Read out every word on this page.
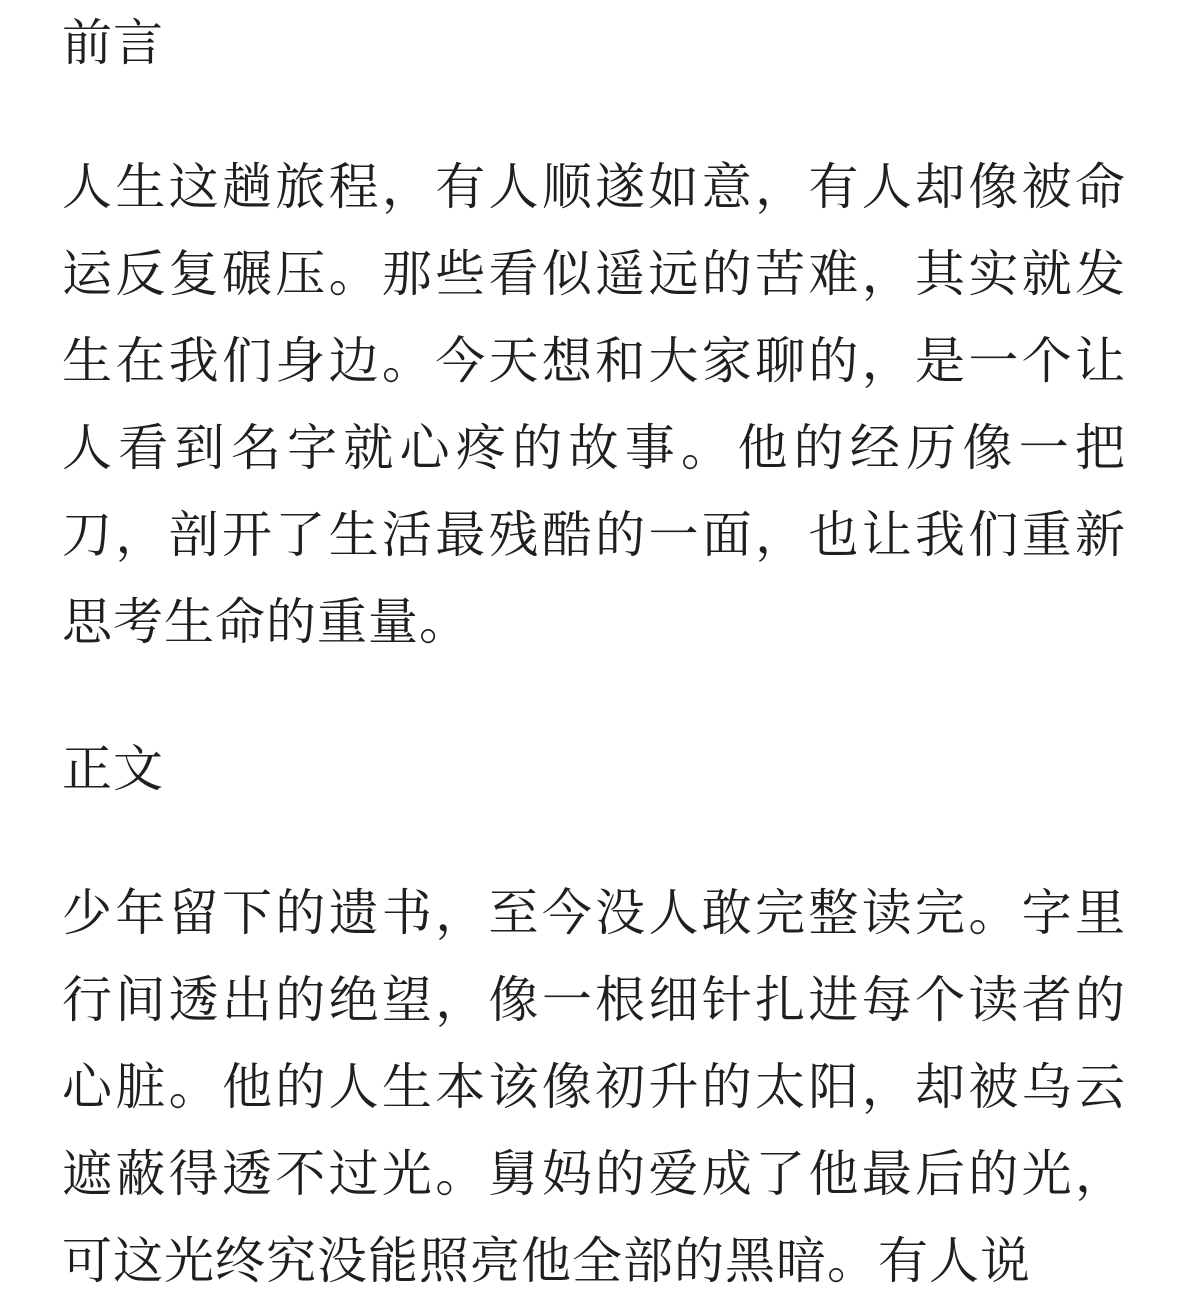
前言

人生这趟旅程，有人顺遂如意，有人却像被命运反复碾压。那些看似遥远的苦难，其实就发生在我们身边。今天想和大家聊的，是一个让人看到名字就心疼的故事。他的经历像一把刀，剖开了生活最残酷的一面，也让我们重新思考生命的重量。

正文

少年留下的遗书，至今没人敢完整读完。字里行间透出的绝望，像一根细针扎进每个读者的心脏。他的人生本该像初升的太阳，却被乌云遮蔽得透不过光。舅妈的爱成了他最后的光，可这光终究没能照亮他全部的黑暗。有人说
